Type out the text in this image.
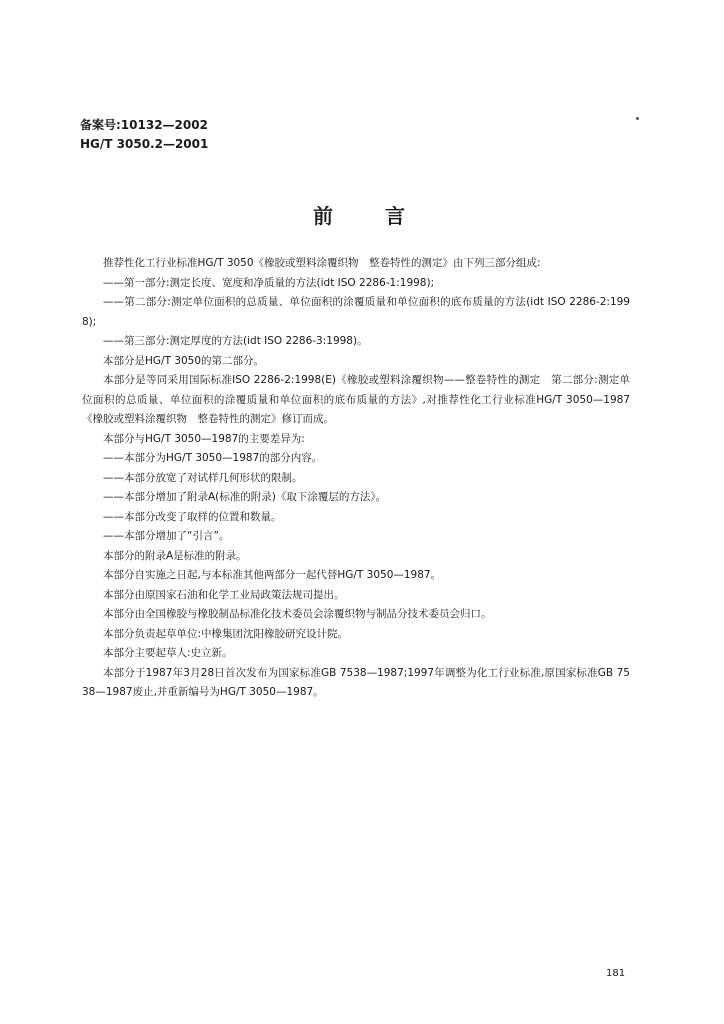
备案号:10132—2002
HG/T 3050.2—2001
前言

推荐性化工行业标准HG/T 3050《橡胶或塑料涂覆织物　整卷特性的测定》由下列三部分组成:

——第一部分:测定长度、宽度和净质量的方法(idt ISO 2286-1:1998);

——第二部分:测定单位面积的总质量、单位面积的涂覆质量和单位面积的底布质量的方法(idt ISO 2286-2:1998);

——第三部分:测定厚度的方法(idt ISO 2286-3:1998)。

本部分是HG/T 3050的第二部分。

本部分是等同采用国际标准ISO 2286-2:1998(E)《橡胶或塑料涂覆织物——整卷特性的测定　第二部分:测定单位面积的总质量、单位面积的涂覆质量和单位面积的底布质量的方法》,对推荐性化工行业标准HG/T 3050—1987《橡胶或塑料涂覆织物　整卷特性的测定》修订而成。

本部分与HG/T 3050—1987的主要差异为:

——本部分为HG/T 3050—1987的部分内容。

——本部分放宽了对试样几何形状的限制。

——本部分增加了附录A(标准的附录)《取下涂覆层的方法》。

——本部分改变了取样的位置和数量。

——本部分增加了“引言”。

本部分的附录A是标准的附录。

本部分自实施之日起,与本标准其他两部分一起代替HG/T 3050—1987。

本部分由原国家石油和化学工业局政策法规司提出。

本部分由全国橡胶与橡胶制品标准化技术委员会涂覆织物与制品分技术委员会归口。

本部分负责起草单位:中橡集团沈阳橡胶研究设计院。

本部分主要起草人:史立新。

本部分于1987年3月28日首次发布为国家标准GB 7538—1987;1997年调整为化工行业标准,原国家标准GB 7538—1987废止,并重新编号为HG/T 3050—1987。

181
